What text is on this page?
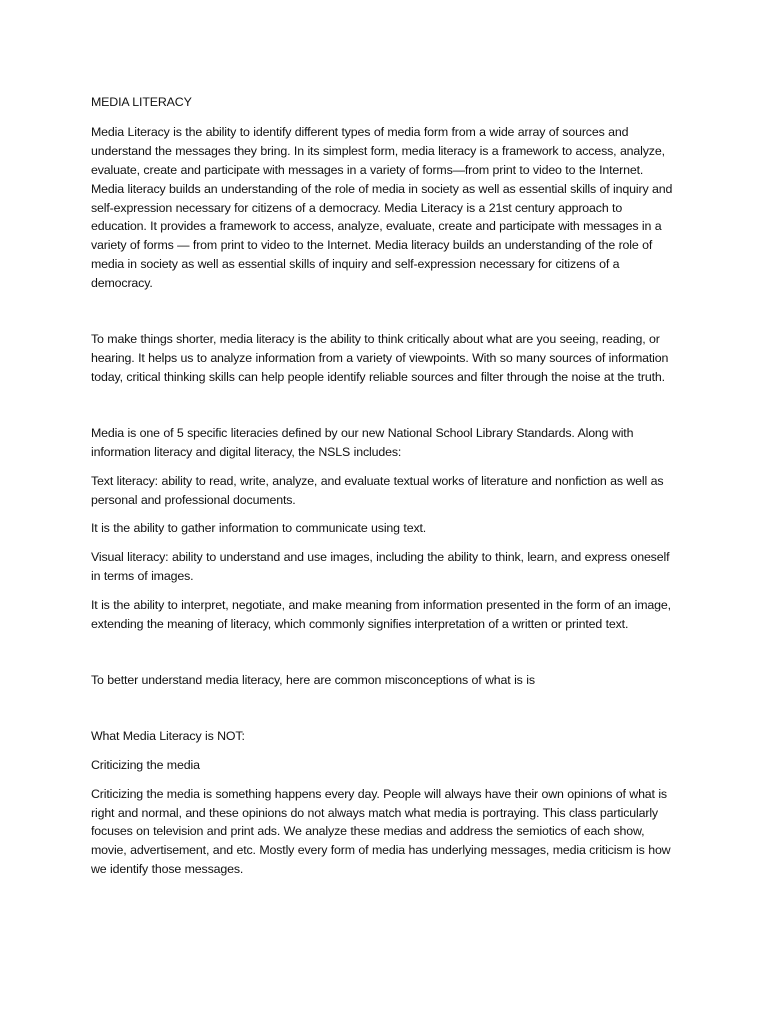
MEDIA LITERACY

Media Literacy is the ability to identify different types of media form from a wide array of sources and understand the messages they bring. In its simplest form, media literacy is a framework to access, analyze, evaluate, create and participate with messages in a variety of forms—from print to video to the Internet. Media literacy builds an understanding of the role of media in society as well as essential skills of inquiry and self-expression necessary for citizens of a democracy. Media Literacy is a 21st century approach to education. It provides a framework to access, analyze, evaluate, create and participate with messages in a variety of forms — from print to video to the Internet. Media literacy builds an understanding of the role of media in society as well as essential skills of inquiry and self-expression necessary for citizens of a democracy.

To make things shorter, media literacy is the ability to think critically about what are you seeing, reading, or hearing. It helps us to analyze information from a variety of viewpoints. With so many sources of information today, critical thinking skills can help people identify reliable sources and filter through the noise at the truth.

Media is one of 5 specific literacies defined by our new National School Library Standards. Along with information literacy and digital literacy, the NSLS includes:

Text literacy: ability to read, write, analyze, and evaluate textual works of literature and nonfiction as well as personal and professional documents.

It is the ability to gather information to communicate using text.

Visual literacy: ability to understand and use images, including the ability to think, learn, and express oneself in terms of images.

It is the ability to interpret, negotiate, and make meaning from information presented in the form of an image, extending the meaning of literacy, which commonly signifies interpretation of a written or printed text.

To better understand media literacy, here are common misconceptions of what is is

What Media Literacy is NOT:

Criticizing the media

Criticizing the media is something happens every day. People will always have their own opinions of what is right and normal, and these opinions do not always match what media is portraying. This class particularly focuses on television and print ads. We analyze these medias and address the semiotics of each show, movie, advertisement, and etc. Mostly every form of media has underlying messages, media criticism is how we identify those messages.
